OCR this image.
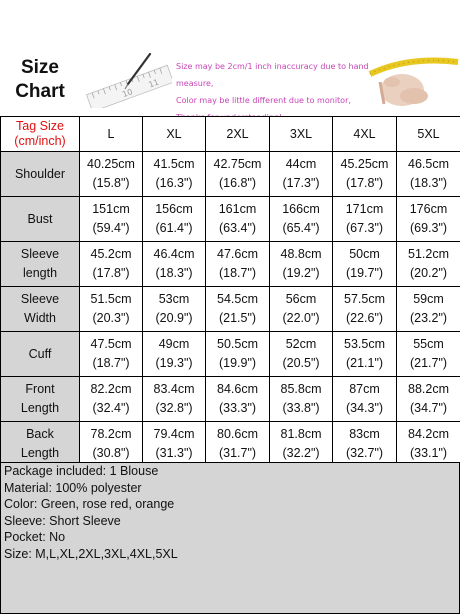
Size
Chart	10
11
Size may be 2cm/1 inch inaccuracy due to hand measure,
Color may be little different due to monitor,
Tag Size
(cm/inch)	L	XL	2XL	3XL	4XL	5XL

Shoulder	40.25cm
(15.8")	41.5cm
(16.3")	42.75cm
(16.8")	44cm
(17.3")	45.25cm
(17.8")	46.5cm
(18.3")

Bust	151cm
(59.4")	156cm
(61.4")	161cm
(63.4")	166cm
(65.4")	171cm
(67.3")	176cm
(69.3")

Sleeve
length	45.2cm
(17.8")	46.4cm
(18.3")	47.6cm
(18.7")	48.8cm
(19.2")	50cm
(19.7")	51.2cm
(20.2")

Sleeve
Width	51.5cm
(20.3")	53cm
(20.9")	54.5cm
(21.5")	56cm
(22.0")	57.5cm
(22.6")	59cm
(23.2")

Cuff	47.5cm
(18.7")	49cm
(19.3")	50.5cm
(19.9")	52cm
(20.5")	53.5cm
(21.1")	55cm
(21.7")

Front
Length	82.2cm
(32.4")	83.4cm
(32.8")	84.6cm
(33.3")	85.8cm
(33.8")	87cm
(34.3")	88.2cm
(34.7")

Back
Length	78.2cm
(30.8")	79.4cm
(31.3")	80.6cm
(31.7")	81.8cm
(32.2")	83cm
(32.7")	84.2cm
(33.1")
Package included: 1 Blouse
Material: 100% polyester
Color: Green, rose red, orange
Sleeve: Short Sleeve
Pocket: No
Size: M,L,XL,2XL,3XL,4XL,5XL
